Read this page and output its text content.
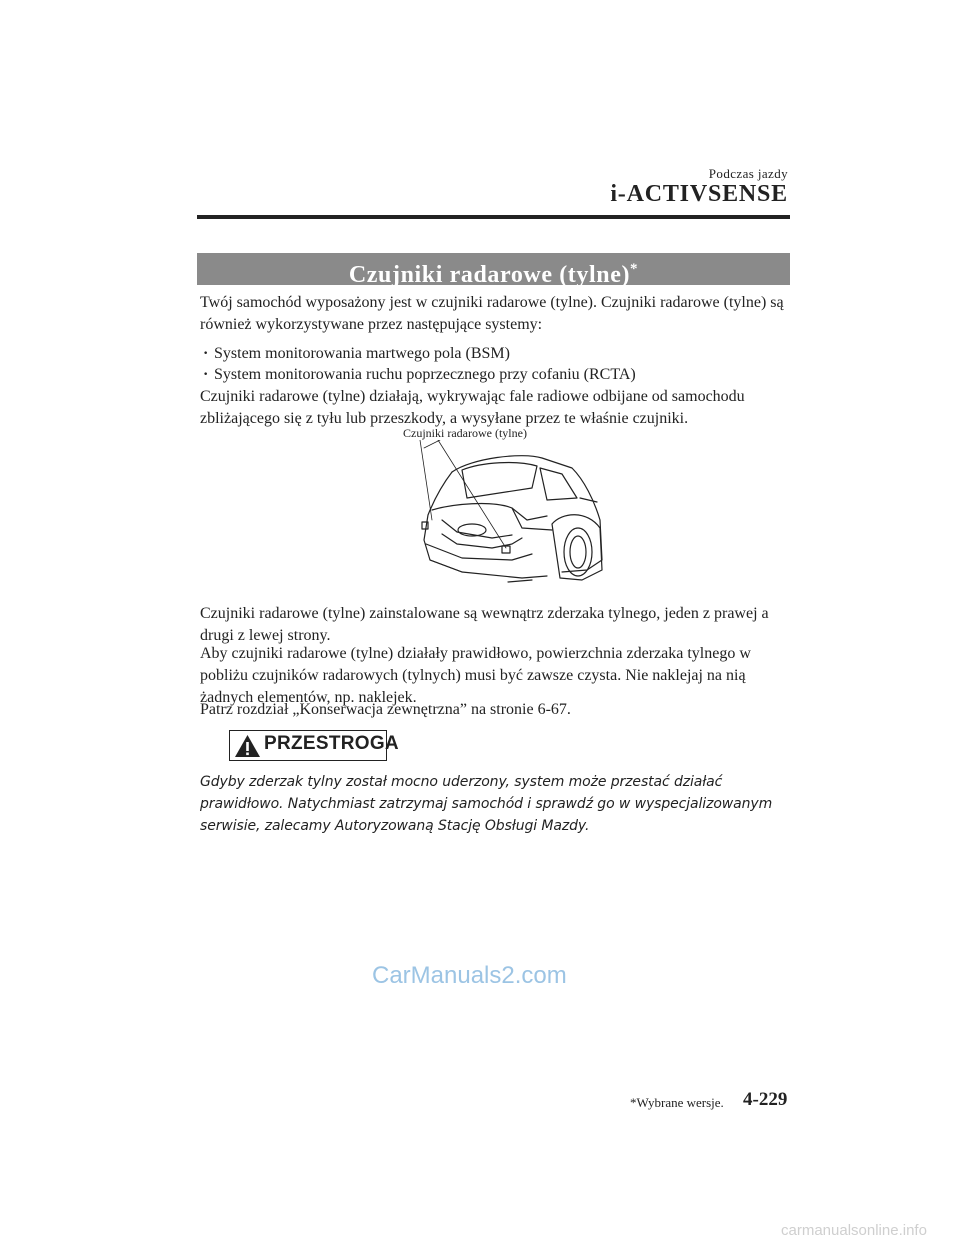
Podczas jazdy
i-ACTIVSENSE
Czujniki radarowe (tylne)*
Twój samochód wyposażony jest w czujniki radarowe (tylne). Czujniki radarowe (tylne) są również wykorzystywane przez następujące systemy:
· System monitorowania martwego pola (BSM)
· System monitorowania ruchu poprzecznego przy cofaniu (RCTA)
Czujniki radarowe (tylne) działają, wykrywając fale radiowe odbijane od samochodu zbliżającego się z tyłu lub przeszkody, a wysyłane przez te właśnie czujniki.
Czujniki radarowe (tylne)
Czujniki radarowe (tylne) zainstalowane są wewnątrz zderzaka tylnego, jeden z prawej a drugi z lewej strony.
Aby czujniki radarowe (tylne) działały prawidłowo, powierzchnia zderzaka tylnego w pobliżu czujników radarowych (tylnych) musi być zawsze czysta. Nie naklejaj na nią żadnych elementów, np. naklejek.
Patrz rozdział „Konserwacja zewnętrzna” na stronie 6-67.
PRZESTROGA
Gdyby zderzak tylny został mocno uderzony, system może przestać działać prawidłowo. Natychmiast zatrzymaj samochód i sprawdź go w wyspecjalizowanym serwisie, zalecamy Autoryzowaną Stację Obsługi Mazdy.
CarManuals2.com
*Wybrane wersje. 4-229
carmanualsonline.info
